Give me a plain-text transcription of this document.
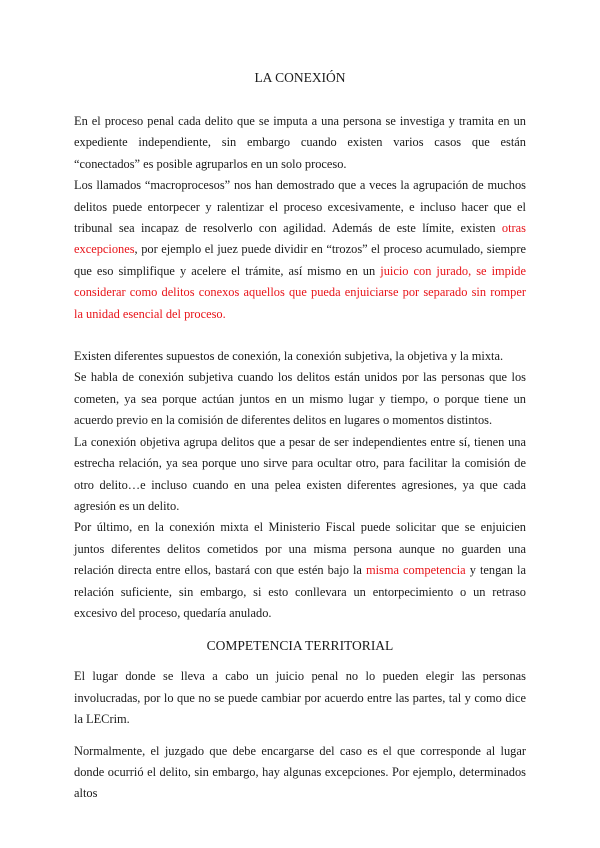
LA CONEXIÓN

En el proceso penal cada delito que se imputa a una persona se investiga y tramita en un expediente independiente, sin embargo cuando existen varios casos que están “conectados” es posible agruparlos en un solo proceso.

Los llamados “macroprocesos” nos han demostrado que a veces la agrupación de muchos delitos puede entorpecer y ralentizar el proceso excesivamente, e incluso hacer que el tribunal sea incapaz de resolverlo con agilidad. Además de este límite, existen otras excepciones, por ejemplo el juez puede dividir en “trozos” el proceso acumulado, siempre que eso simplifique y acelere el trámite, así mismo en un juicio con jurado, se impide considerar como delitos conexos aquellos que pueda enjuiciarse por separado sin romper la unidad esencial del proceso.

Existen diferentes supuestos de conexión, la conexión subjetiva, la objetiva y la mixta.

Se habla de conexión subjetiva cuando los delitos están unidos por las personas que los cometen, ya sea porque actúan juntos en un mismo lugar y tiempo, o porque tiene un acuerdo previo en la comisión de diferentes delitos en lugares o momentos distintos.

La conexión objetiva agrupa delitos que a pesar de ser independientes entre sí, tienen una estrecha relación, ya sea porque uno sirve para ocultar otro, para facilitar la comisión de otro delito…e incluso cuando en una pelea existen diferentes agresiones, ya que cada agresión es un delito.

Por último, en la conexión mixta el Ministerio Fiscal puede solicitar que se enjuicien juntos diferentes delitos cometidos por una misma persona aunque no guarden una relación directa entre ellos, bastará con que estén bajo la misma competencia y tengan la relación suficiente, sin embargo, si esto conllevara un entorpecimiento o un retraso excesivo del proceso, quedaría anulado.

COMPETENCIA TERRITORIAL

El lugar donde se lleva a cabo un juicio penal no lo pueden elegir las personas involucradas, por lo que no se puede cambiar por acuerdo entre las partes, tal y como dice la LECrim.

Normalmente, el juzgado que debe encargarse del caso es el que corresponde al lugar donde ocurrió el delito, sin embargo, hay algunas excepciones. Por ejemplo, determinados altos
